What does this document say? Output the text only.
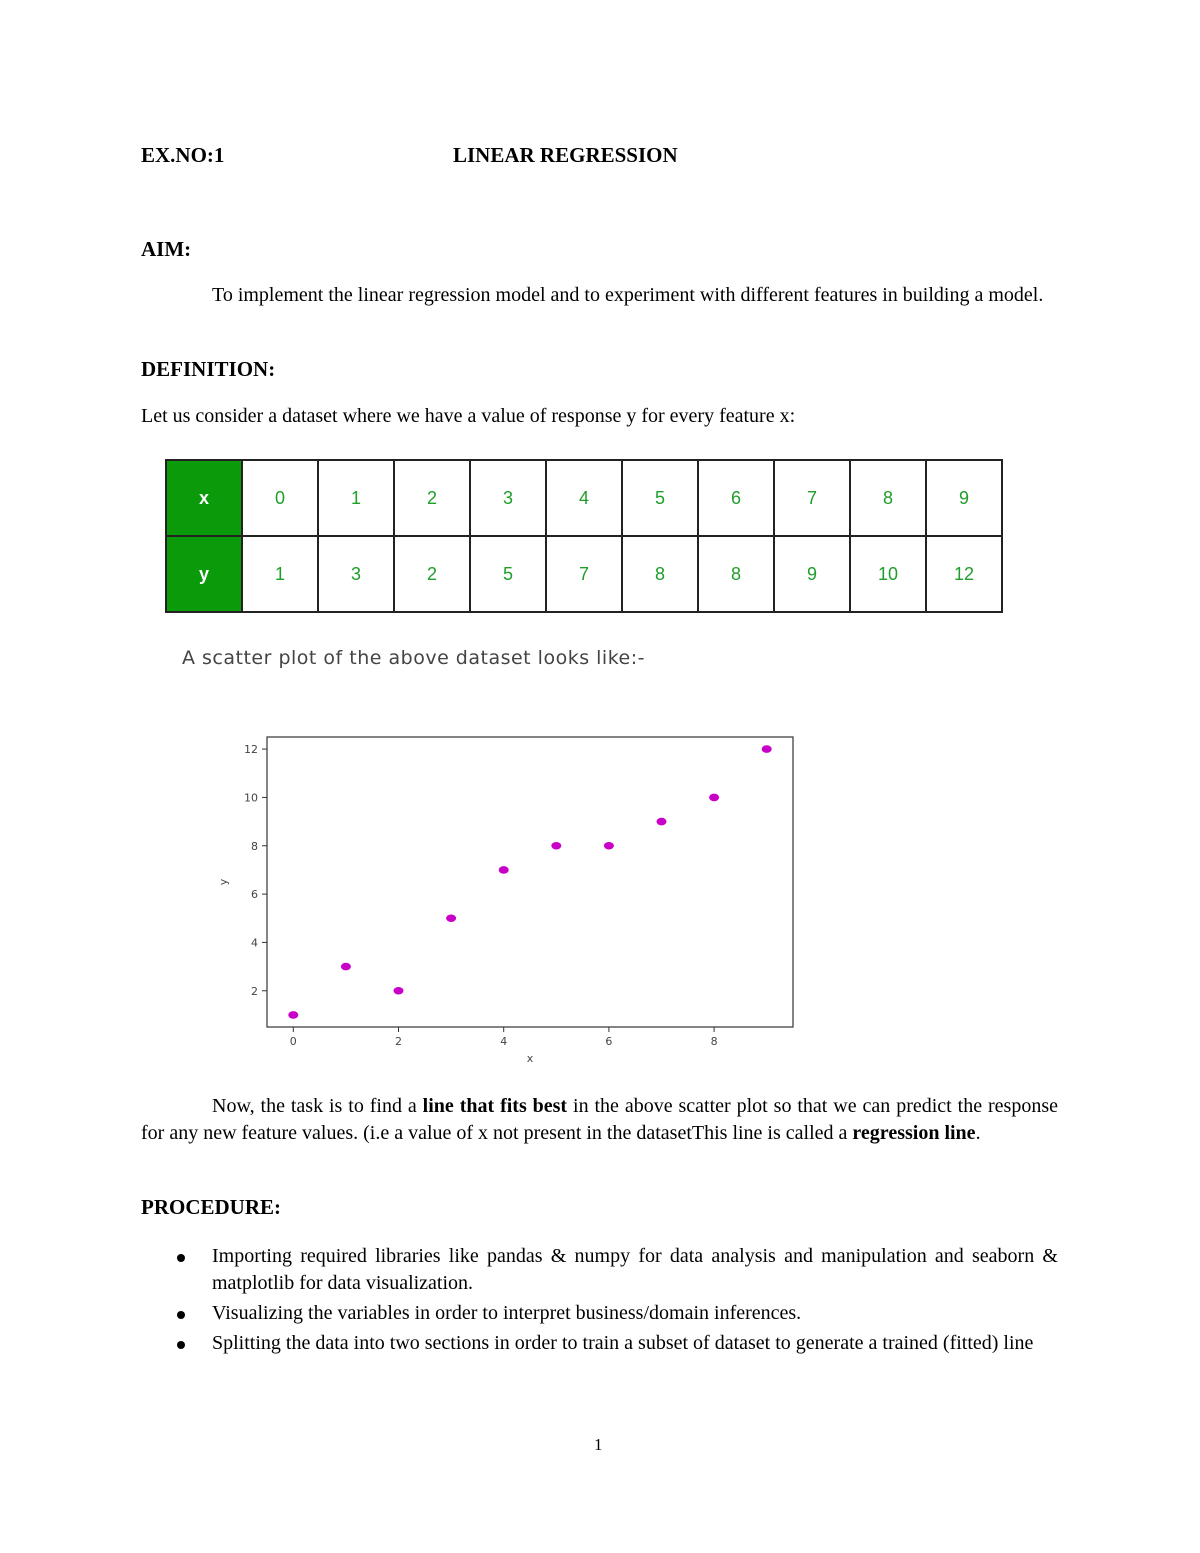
EX.NO:1	LINEAR REGRESSION
AIM:
To implement the linear regression model and to experiment with different features in building a model.
DEFINITION:
Let us consider a dataset where we have a value of response y for every feature x:
x	0	1	2	3	4	5	6	7	8	9
y	1	3	2	5	7	8	8	9	10	12
A scatter plot of the above dataset looks like:-
2
4
6
8
10
12
0	2	4	6	8
x
y
Now, the task is to find a line that fits best in the above scatter plot so that we can predict the response for any new feature values. (i.e a value of x not present in the datasetThis line is called a regression line.
PROCEDURE:
Importing required libraries like pandas & numpy for data analysis and manipulation and seaborn & matplotlib for data visualization.
Visualizing the variables in order to interpret business/domain inferences.
Splitting the data into two sections in order to train a subset of dataset to generate a trained (fitted) line
1
